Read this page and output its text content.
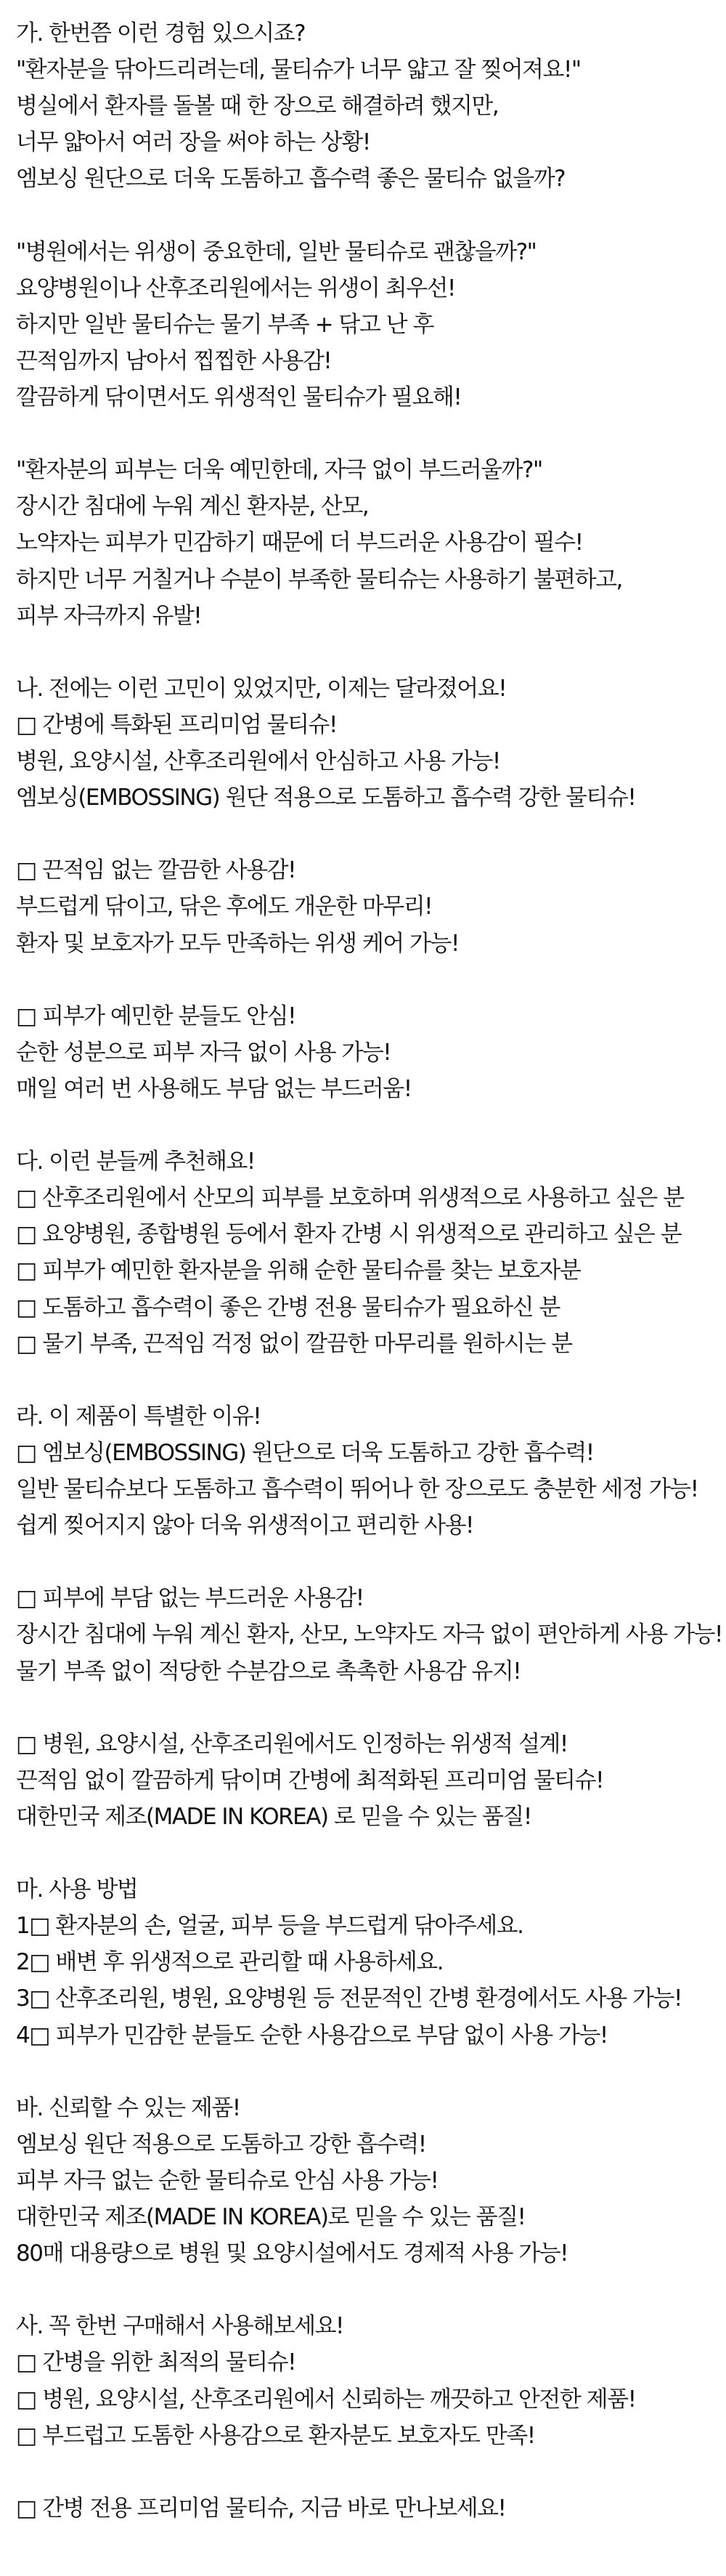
가. 한번쯤 이런 경험 있으시죠?
"환자분을 닦아드리려는데, 물티슈가 너무 얇고 잘 찢어져요!"
병실에서 환자를 돌볼 때 한 장으로 해결하려 했지만,
너무 얇아서 여러 장을 써야 하는 상황!
엠보싱 원단으로 더욱 도톰하고 흡수력 좋은 물티슈 없을까?
"병원에서는 위생이 중요한데, 일반 물티슈로 괜찮을까?"
요양병원이나 산후조리원에서는 위생이 최우선!
하지만 일반 물티슈는 물기 부족 + 닦고 난 후
끈적임까지 남아서 찝찝한 사용감!
깔끔하게 닦이면서도 위생적인 물티슈가 필요해!
"환자분의 피부는 더욱 예민한데, 자극 없이 부드러울까?"
장시간 침대에 누워 계신 환자분, 산모,
노약자는 피부가 민감하기 때문에 더 부드러운 사용감이 필수!
하지만 너무 거칠거나 수분이 부족한 물티슈는 사용하기 불편하고,
피부 자극까지 유발!
나. 전에는 이런 고민이 있었지만, 이제는 달라졌어요!
□ 간병에 특화된 프리미엄 물티슈!
병원, 요양시설, 산후조리원에서 안심하고 사용 가능!
엠보싱(EMBOSSING) 원단 적용으로 도톰하고 흡수력 강한 물티슈!
□ 끈적임 없는 깔끔한 사용감!
부드럽게 닦이고, 닦은 후에도 개운한 마무리!
환자 및 보호자가 모두 만족하는 위생 케어 가능!
□ 피부가 예민한 분들도 안심!
순한 성분으로 피부 자극 없이 사용 가능!
매일 여러 번 사용해도 부담 없는 부드러움!
다. 이런 분들께 추천해요!
□ 산후조리원에서 산모의 피부를 보호하며 위생적으로 사용하고 싶은 분
□ 요양병원, 종합병원 등에서 환자 간병 시 위생적으로 관리하고 싶은 분
□ 피부가 예민한 환자분을 위해 순한 물티슈를 찾는 보호자분
□ 도톰하고 흡수력이 좋은 간병 전용 물티슈가 필요하신 분
□ 물기 부족, 끈적임 걱정 없이 깔끔한 마무리를 원하시는 분
라. 이 제품이 특별한 이유!
□ 엠보싱(EMBOSSING) 원단으로 더욱 도톰하고 강한 흡수력!
일반 물티슈보다 도톰하고 흡수력이 뛰어나 한 장으로도 충분한 세정 가능!
쉽게 찢어지지 않아 더욱 위생적이고 편리한 사용!
□ 피부에 부담 없는 부드러운 사용감!
장시간 침대에 누워 계신 환자, 산모, 노약자도 자극 없이 편안하게 사용 가능!
물기 부족 없이 적당한 수분감으로 촉촉한 사용감 유지!
□ 병원, 요양시설, 산후조리원에서도 인정하는 위생적 설계!
끈적임 없이 깔끔하게 닦이며 간병에 최적화된 프리미엄 물티슈!
대한민국 제조(MADE IN KOREA) 로 믿을 수 있는 품질!
마. 사용 방법
1□ 환자분의 손, 얼굴, 피부 등을 부드럽게 닦아주세요.
2□ 배변 후 위생적으로 관리할 때 사용하세요.
3□ 산후조리원, 병원, 요양병원 등 전문적인 간병 환경에서도 사용 가능!
4□ 피부가 민감한 분들도 순한 사용감으로 부담 없이 사용 가능!
바. 신뢰할 수 있는 제품!
엠보싱 원단 적용으로 도톰하고 강한 흡수력!
피부 자극 없는 순한 물티슈로 안심 사용 가능!
대한민국 제조(MADE IN KOREA)로 믿을 수 있는 품질!
80매 대용량으로 병원 및 요양시설에서도 경제적 사용 가능!
사. 꼭 한번 구매해서 사용해보세요!
□ 간병을 위한 최적의 물티슈!
□ 병원, 요양시설, 산후조리원에서 신뢰하는 깨끗하고 안전한 제품!
□ 부드럽고 도톰한 사용감으로 환자분도 보호자도 만족!
□ 간병 전용 프리미엄 물티슈, 지금 바로 만나보세요!
